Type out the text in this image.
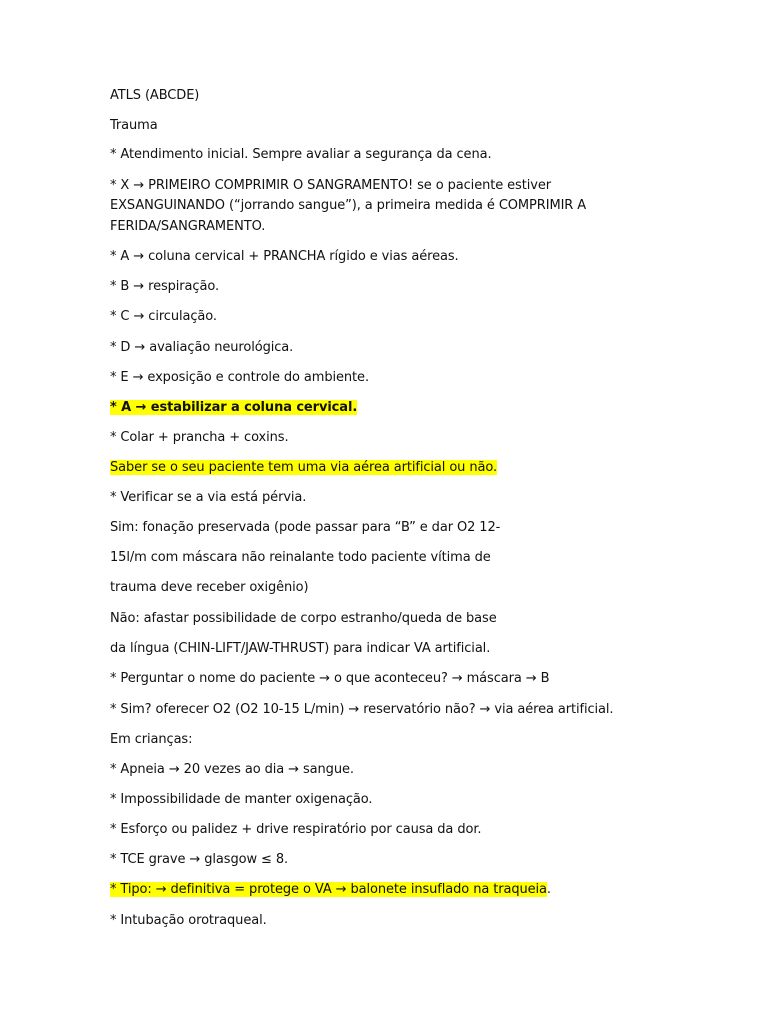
ATLS (ABCDE)
Trauma
* Atendimento inicial. Sempre avaliar a segurança da cena.
* X → PRIMEIRO COMPRIMIR O SANGRAMENTO! se o paciente estiver
EXSANGUINANDO (“jorrando sangue”), a primeira medida é COMPRIMIR A
FERIDA/SANGRAMENTO.
* A → coluna cervical + PRANCHA rígido e vias aéreas.
* B → respiração.
* C → circulação.
* D → avaliação neurológica.
* E → exposição e controle do ambiente.
* A → estabilizar a coluna cervical.
* Colar + prancha + coxins.
Saber se o seu paciente tem uma via aérea artificial ou não.
* Verificar se a via está pérvia.
Sim: fonação preservada (pode passar para “B” e dar O2 12-
15l/m com máscara não reinalante todo paciente vítima de
trauma deve receber oxigênio)
Não: afastar possibilidade de corpo estranho/queda de base
da língua (CHIN-LIFT/JAW-THRUST) para indicar VA artificial.
* Perguntar o nome do paciente → o que aconteceu? → máscara → B
* Sim? oferecer O2 (O2 10-15 L/min) → reservatório não? → via aérea artificial.
Em crianças:
* Apneia → 20 vezes ao dia → sangue.
* Impossibilidade de manter oxigenação.
* Esforço ou palidez + drive respiratório por causa da dor.
* TCE grave → glasgow ≤ 8.
* Tipo: → definitiva = protege o VA → balonete insuflado na traqueia.
* Intubação orotraqueal.
